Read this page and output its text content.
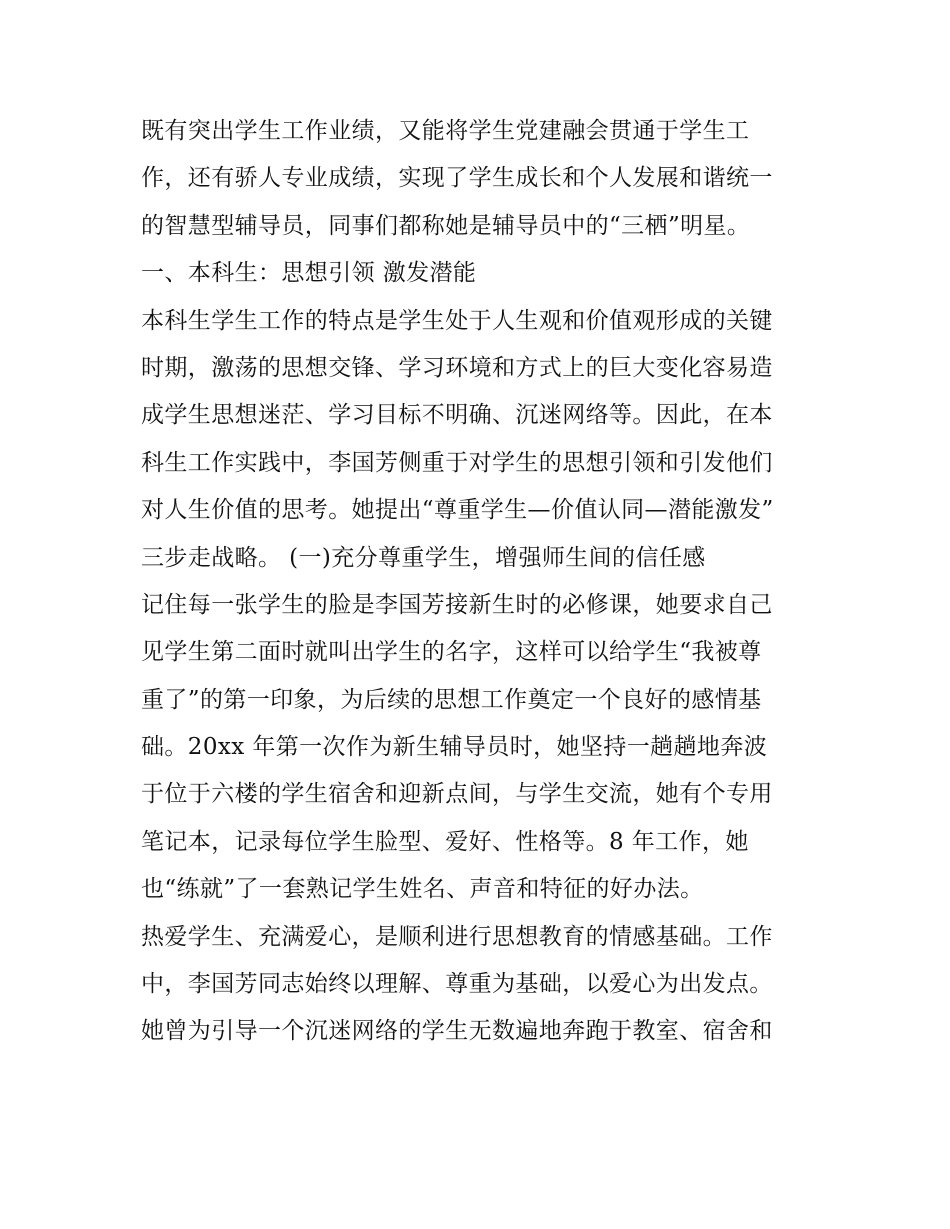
既有突出学生工作业绩，又能将学生党建融会贯通于学生工
作，还有骄人专业成绩，实现了学生成长和个人发展和谐统一
的智慧型辅导员，同事们都称她是辅导员中的“三栖”明星。
一、本科生：思想引领 激发潜能
本科生学生工作的特点是学生处于人生观和价值观形成的关键
时期，激荡的思想交锋、学习环境和方式上的巨大变化容易造
成学生思想迷茫、学习目标不明确、沉迷网络等。因此，在本
科生工作实践中，李国芳侧重于对学生的思想引领和引发他们
对人生价值的思考。她提出“尊重学生—价值认同—潜能激发”
三步走战略。 (一)充分尊重学生，增强师生间的信任感
记住每一张学生的脸是李国芳接新生时的必修课，她要求自己
见学生第二面时就叫出学生的名字，这样可以给学生“我被尊
重了”的第一印象，为后续的思想工作奠定一个良好的感情基
础。20xx 年第一次作为新生辅导员时，她坚持一趟趟地奔波
于位于六楼的学生宿舍和迎新点间，与学生交流，她有个专用
笔记本，记录每位学生脸型、爱好、性格等。8 年工作，她
也“练就”了一套熟记学生姓名、声音和特征的好办法。
热爱学生、充满爱心，是顺利进行思想教育的情感基础。工作
中，李国芳同志始终以理解、尊重为基础，以爱心为出发点。
她曾为引导一个沉迷网络的学生无数遍地奔跑于教室、宿舍和
